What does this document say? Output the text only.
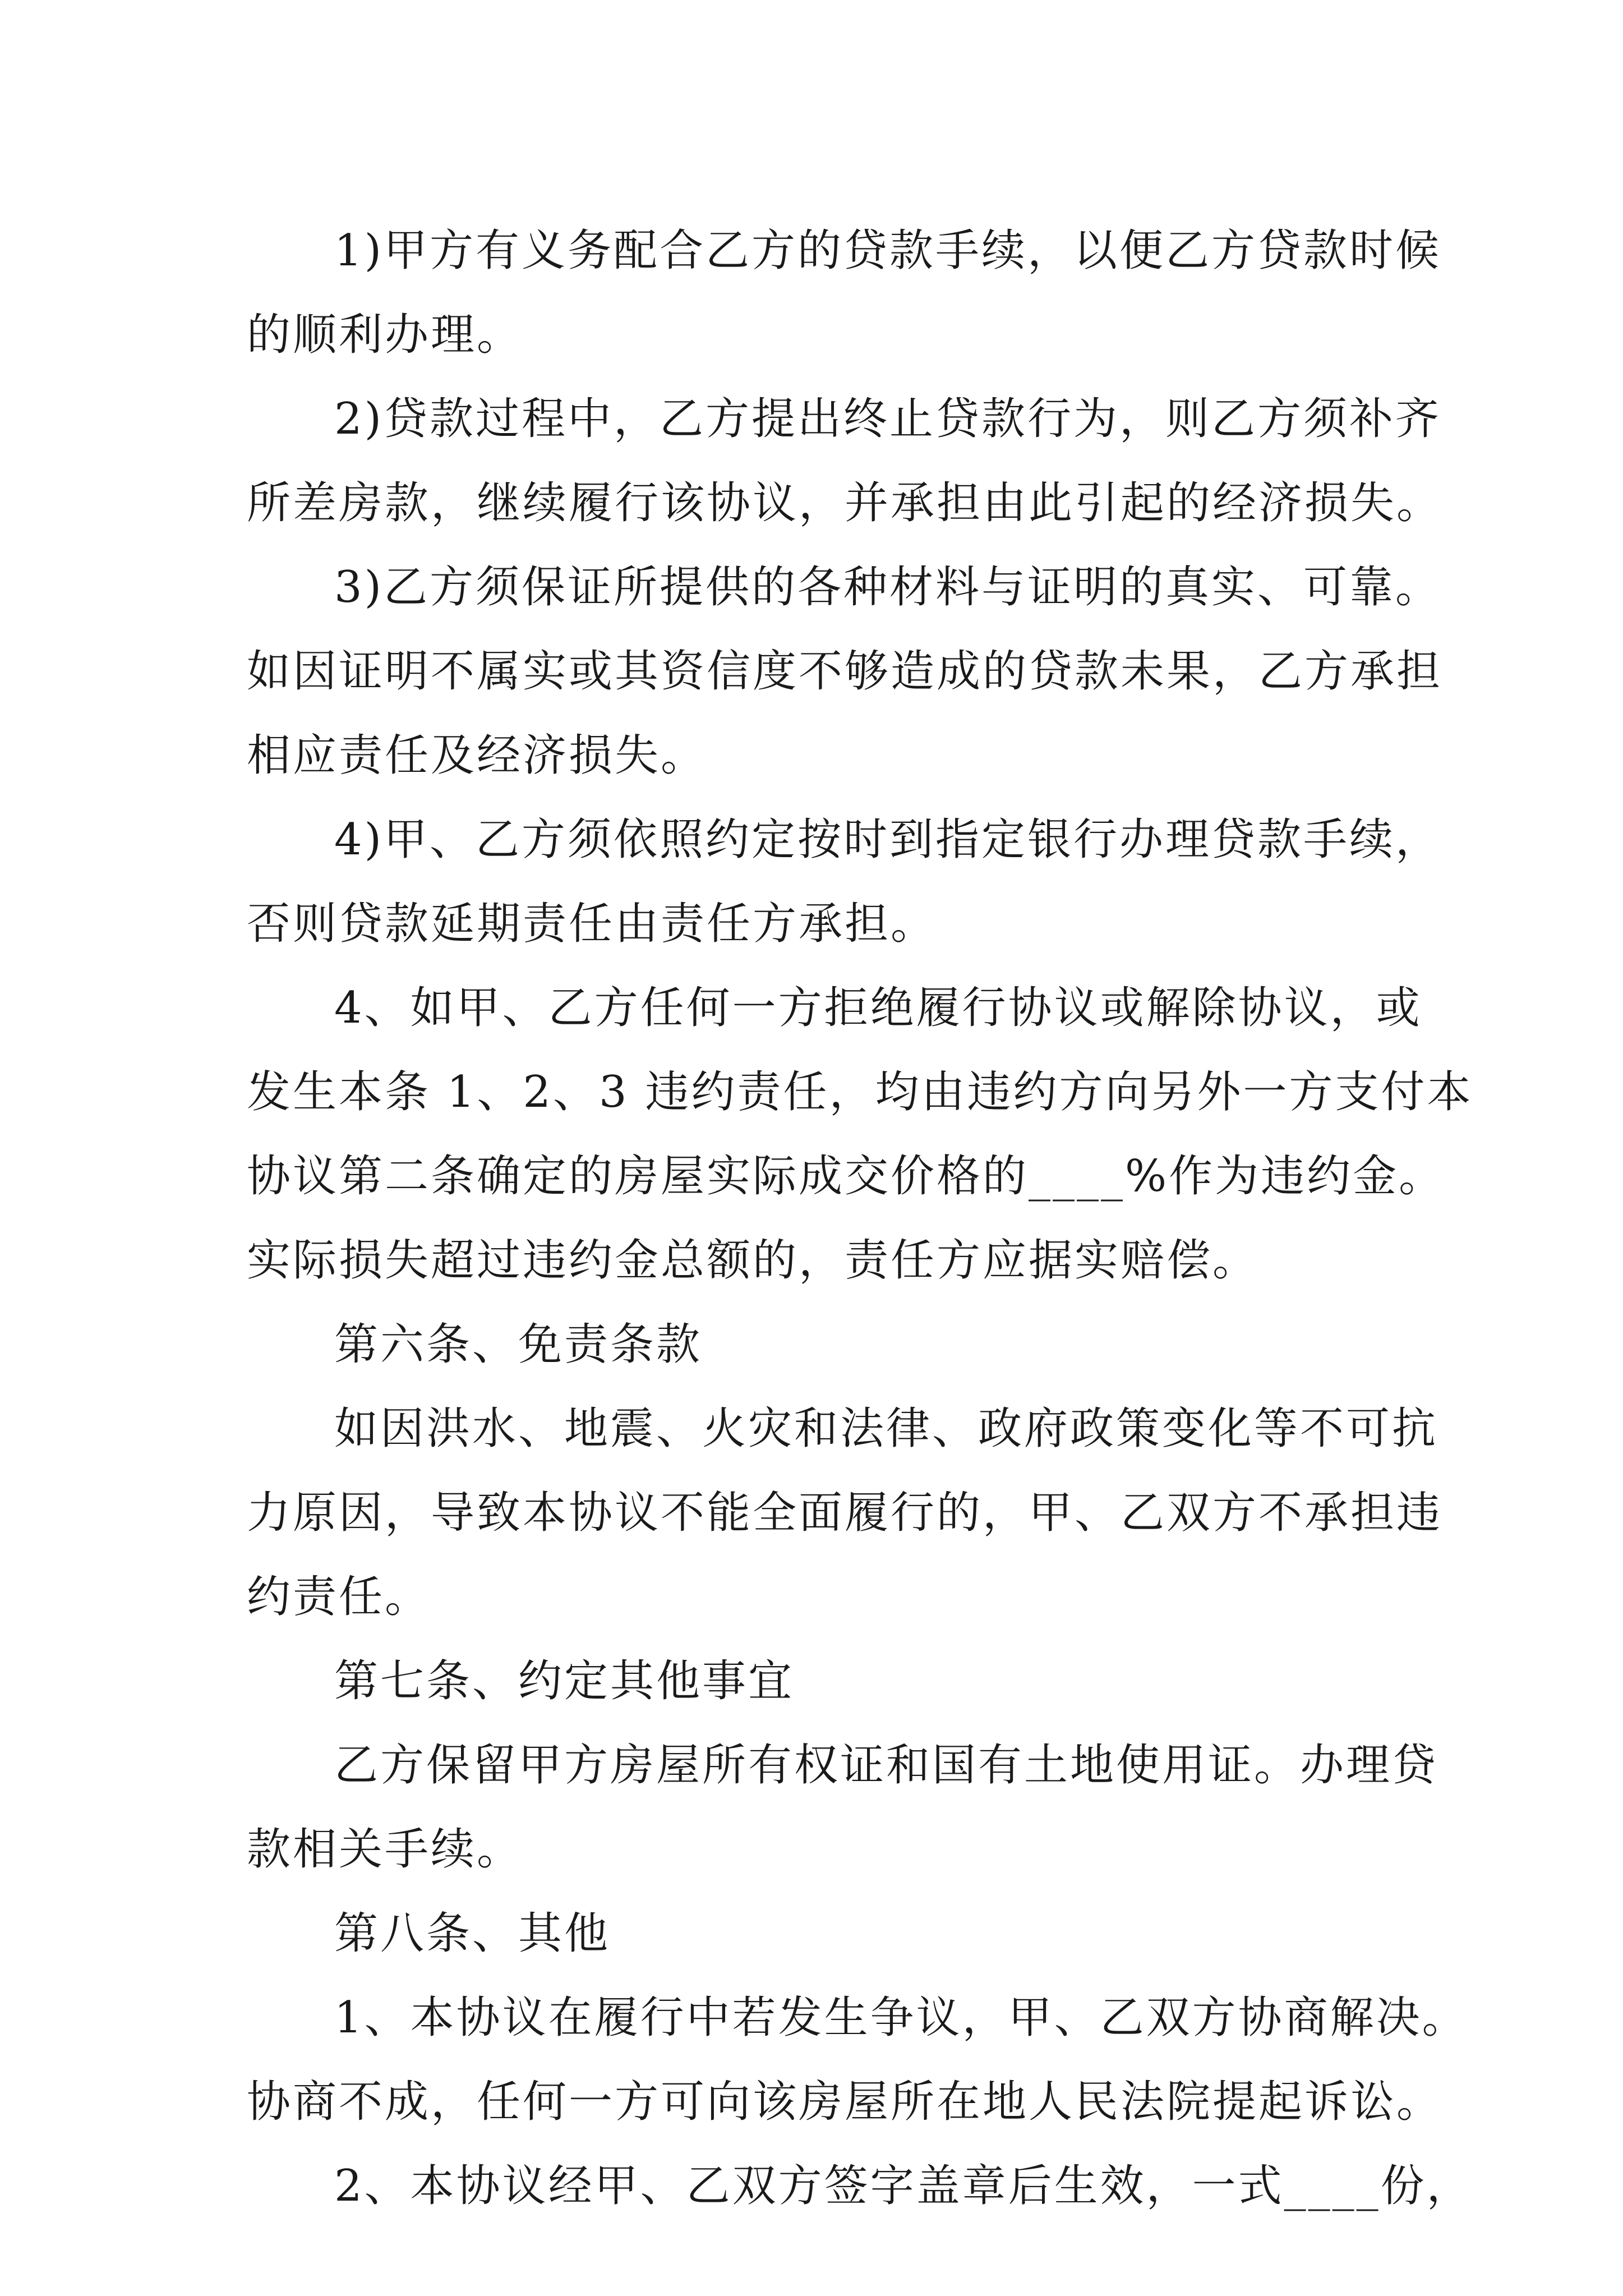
1)甲方有义务配合乙方的贷款手续，以便乙方贷款时候
的顺利办理。
2)贷款过程中，乙方提出终止贷款行为，则乙方须补齐
所差房款，继续履行该协议，并承担由此引起的经济损失。
3)乙方须保证所提供的各种材料与证明的真实、可靠。
如因证明不属实或其资信度不够造成的贷款未果，乙方承担
相应责任及经济损失。
4)甲、乙方须依照约定按时到指定银行办理贷款手续，
否则贷款延期责任由责任方承担。
4、如甲、乙方任何一方拒绝履行协议或解除协议，或
发生本条 1、2、3 违约责任，均由违约方向另外一方支付本
协议第二条确定的房屋实际成交价格的____%作为违约金。
实际损失超过违约金总额的，责任方应据实赔偿。
第六条、免责条款
如因洪水、地震、火灾和法律、政府政策变化等不可抗
力原因，导致本协议不能全面履行的，甲、乙双方不承担违
约责任。
第七条、约定其他事宜
乙方保留甲方房屋所有权证和国有土地使用证。办理贷
款相关手续。
第八条、其他
1、本协议在履行中若发生争议，甲、乙双方协商解决。
协商不成，任何一方可向该房屋所在地人民法院提起诉讼。
2、本协议经甲、乙双方签字盖章后生效，一式____份，
